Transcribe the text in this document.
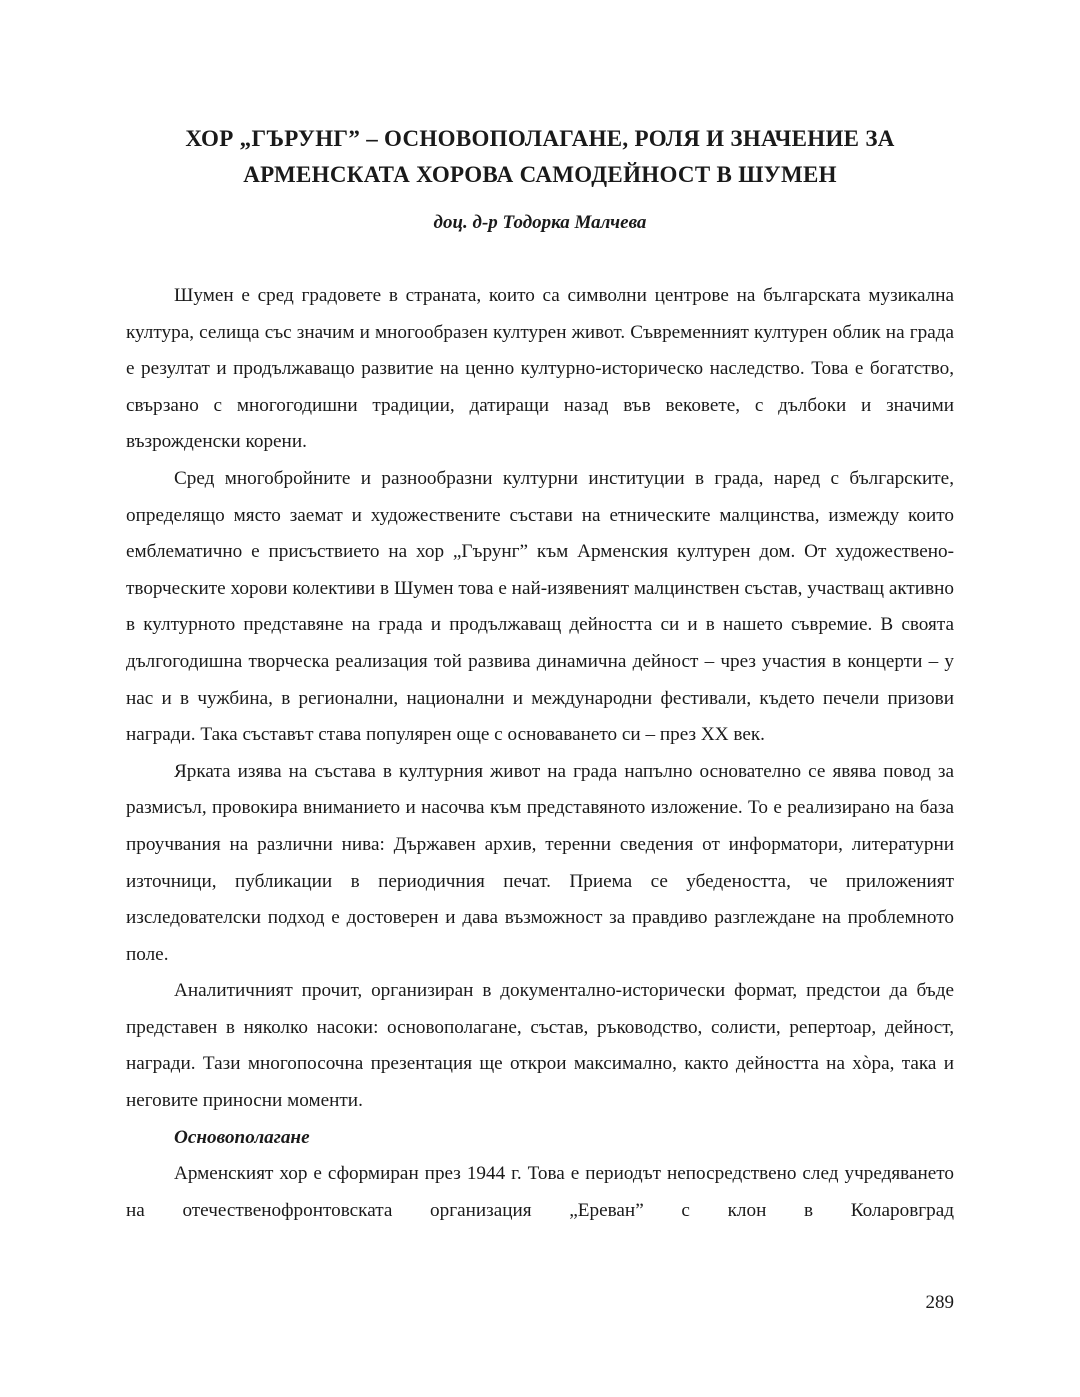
ХОР „ГЪРУНГ” – ОСНОВОПОЛАГАНЕ, РОЛЯ И ЗНАЧЕНИЕ ЗА
АРМЕНСКАТА ХОРОВА САМОДЕЙНОСТ В ШУМЕН
доц. д-р Тодорка Малчева

Шумен е сред градовете в страната, които са символни центрове на българската музикална култура, селища със значим и многообразен културен живот. Съвременният културен облик на града е резултат и продължаващо развитие на ценно културно-историческо наследство. Това е богатство, свързано с многогодишни традиции, датиращи назад във вековете, с дълбоки и значими възрожденски корени.

Сред многобройните и разнообразни културни институции в града, наред с българските, определящо място заемат и художествените състави на етническите малцинства, измежду които емблематично е присъствието на хор „Гърунг” към Арменския културен дом. От художествено-творческите хорови колективи в Шумен това е най-изявеният малцинствен състав, участващ активно в културното представяне на града и продължаващ дейността си и в нашето съвремие. В своята дългогодишна творческа реализация той развива динамична дейност – чрез участия в концерти – у нас и в чужбина, в регионални, национални и международни фестивали, където печели призови награди. Така съставът става популярен още с основаването си – през XX век.

Ярката изява на състава в културния живот на града напълно основателно се явява повод за размисъл, провокира вниманието и насочва към представяното изложение. То е реализирано на база проучвания на различни нива: Държавен архив, теренни сведения от информатори, литературни източници, публикации в периодичния печат. Приема се убедеността, че приложеният изследователски подход е достоверен и дава възможност за правдиво разглеждане на проблемното поле.

Аналитичният прочит, организиран в документално-исторически формат, предстои да бъде представен в няколко насоки: основополагане, състав, ръководство, солисти, репертоар, дейност, награди. Тази многопосочна презентация ще открои максимално, както дейността на хòра, така и неговите приносни моменти.

Основополагане

Арменският хор е сформиран през 1944 г. Това е периодът непосредствено след учредяването на отечественофронтовската организация „Ереван” с клон в Коларовград

289
